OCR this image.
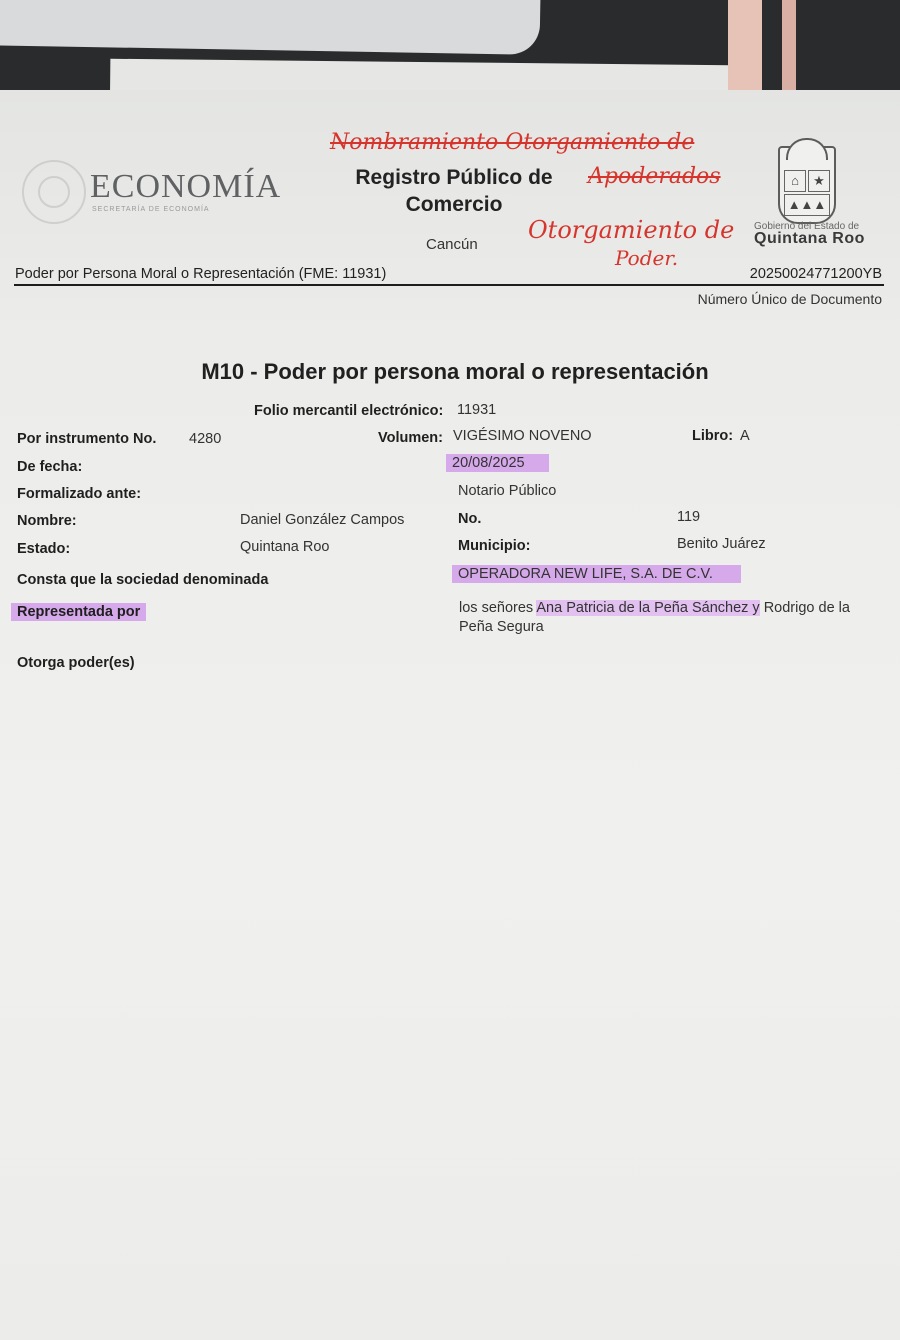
ECONOMÍA
SECRETARÍA DE ECONOMÍA
Registro Público de
Comercio
Cancún
⌂	★
▲▲▲
Gobierno del Estado de
Quintana Roo
Nombramiento Otorgamiento de
Apoderados
Otorgamiento de
Poder.
Poder por Persona Moral o Representación (FME: 11931)	20250024771200YB
Número Único de Documento
M10 - Poder por persona moral o representación
Folio mercantil electrónico: 11931
Por instrumento No. 4280	Volumen: VIGÉSIMO NOVENO	Libro: A
De fecha:	20/08/2025
Formalizado ante:	Notario Público
Nombre:	Daniel González Campos	No.	119
Estado:	Quintana Roo	Municipio:	Benito Juárez
Consta que la sociedad denominada	OPERADORA NEW LIFE, S.A. DE C.V.
Representada por	los señores Ana Patricia de la Peña Sánchez y Rodrigo de la Peña Segura
Otorga poder(es)
